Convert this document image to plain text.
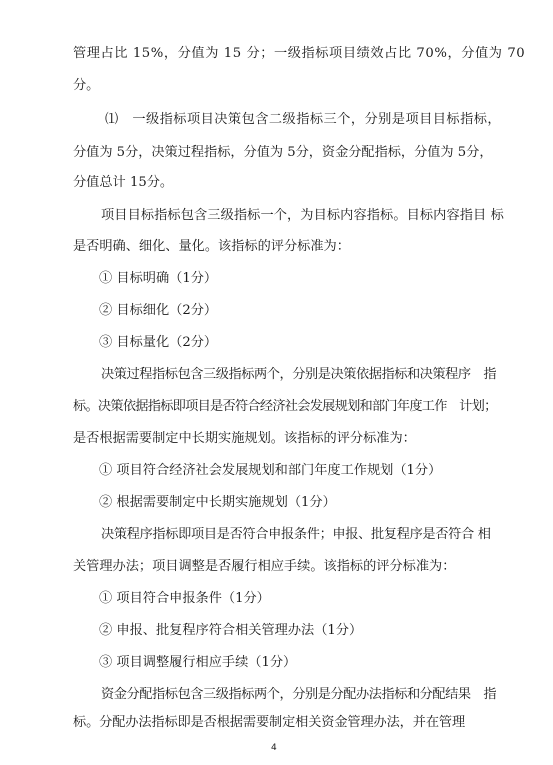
管理占比 15%，分值为 15 分；一级指标项目绩效占比 70%，分值为 70
分。
⑴　一级指标项目决策包含二级指标三个，分别是项目目标指标，
分值为 5分，决策过程指标，分值为 5分，资金分配指标，分值为 5分，
分值总计 15分。
项目目标指标包含三级指标一个，为目标内容指标。目标内容指目 标
是否明确、细化、量化。该指标的评分标准为：
① 目标明确（1分）
② 目标细化（2分）
③ 目标量化（2分）
决策过程指标包含三级指标两个，分别是决策依据指标和决策程序　指
标。决策依据指标即项目是否符合经济社会发展规划和部门年度工作　计划；
是否根据需要制定中长期实施规划。该指标的评分标准为：
① 项目符合经济社会发展规划和部门年度工作规划（1分）
② 根据需要制定中长期实施规划（1分）
决策程序指标即项目是否符合申报条件；申报、批复程序是否符合 相
关管理办法；项目调整是否履行相应手续。该指标的评分标准为：
① 项目符合申报条件（1分）
② 申报、批复程序符合相关管理办法（1分）
③ 项目调整履行相应手续（1分）
资金分配指标包含三级指标两个，分别是分配办法指标和分配结果　指
标。分配办法指标即是否根据需要制定相关资金管理办法，并在管理
4
